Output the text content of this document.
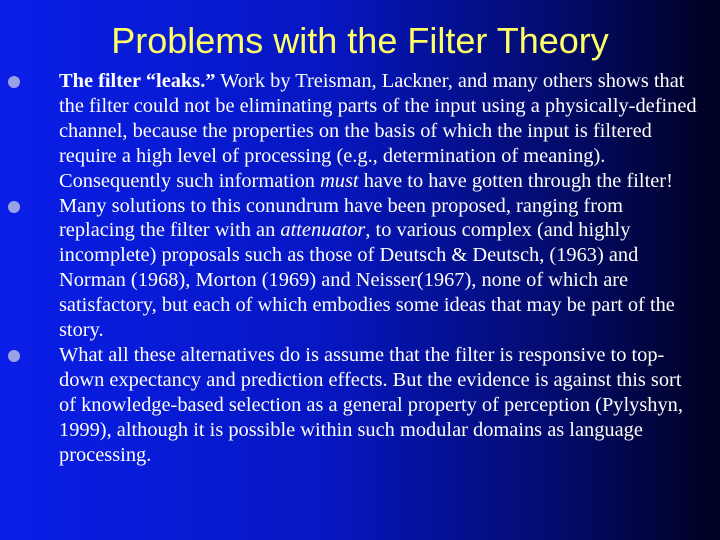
Problems with the Filter Theory
The filter “leaks.” Work by Treisman, Lackner, and many others shows that the filter could not be eliminating parts of the input using a physically-defined channel, because the properties on the basis of which the input is filtered require a high level of processing (e.g., determination of meaning). Consequently such information must have to have gotten through the filter!
Many solutions to this conundrum have been proposed, ranging from replacing the filter with an attenuator, to various complex (and highly incomplete) proposals such as those of Deutsch & Deutsch, (1963) and Norman (1968), Morton (1969) and Neisser(1967), none of which are satisfactory, but each of which embodies some ideas that may be part of the story.
What all these alternatives do is assume that the filter is responsive to top-down expectancy and prediction effects. But the evidence is against this sort of knowledge-based selection as a general property of perception (Pylyshyn, 1999), although it is possible within such modular domains as language processing.
